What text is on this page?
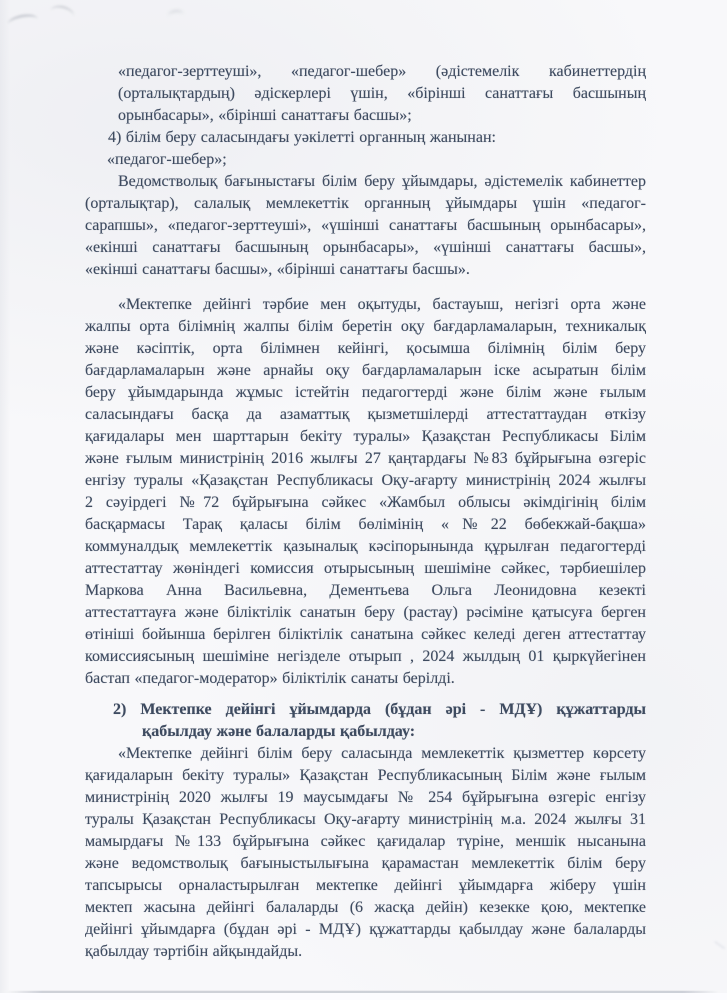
«педагог-зерттеуші», «педагог-шебер» (әдістемелік кабинеттердің
(орталықтардың) әдіскерлері үшін, «бірінші санаттағы басшының
орынбасары», «бірінші санаттағы басшы»;
4) білім беру саласындағы уәкілетті органның жанынан:
«педагог-шебер»;
Ведомстволық бағыныстағы білім беру ұйымдары, әдістемелік кабинеттер
(орталықтар), салалық мемлекеттік органның ұйымдары үшін «педагог-
сарапшы», «педагог-зерттеуші», «үшінші санаттағы басшының орынбасары»,
«екінші санаттағы басшының орынбасары», «үшінші санаттағы басшы»,
«екінші санаттағы басшы», «бірінші санаттағы басшы».
«Мектепке дейінгі тәрбие мен оқытуды, бастауыш, негізгі орта және
жалпы орта білімнің жалпы білім беретін оқу бағдарламаларын, техникалық
және кәсіптік, орта білімнен кейінгі, қосымша білімнің білім беру
бағдарламаларын және арнайы оқу бағдарламаларын іске асыратын білім
беру ұйымдарында жұмыс істейтін педагогтерді және білім және ғылым
саласындағы басқа да азаматтық қызметшілерді аттестаттаудан өткізу
қағидалары мен шарттарын бекіту туралы» Қазақстан Республикасы Білім
және ғылым министрінің 2016 жылғы 27 қаңтардағы №83 бұйрығына өзгеріс
енгізу туралы «Қазақстан Республикасы Оқу-ағарту министрінің 2024 жылғы
2 сәуірдегі №72 бұйрығына сәйкес «Жамбыл облысы әкімдігінің білім
басқармасы Тарақ қаласы білім бөлімінің «№22 бөбекжай-бақша»
коммуналдық мемлекеттік қазыналық кәсіпорынында құрылған педагогтерді
аттестаттау жөніндегі комиссия отырысының шешіміне сәйкес, тәрбиешілер
Маркова Анна Васильевна, Дементьева Ольга Леонидовна кезекті
аттестаттауға және біліктілік санатын беру (растау) рәсіміне қатысуға берген
өтініші бойынша берілген біліктілік санатына сәйкес келеді деген аттестаттау
комиссиясының шешіміне негізделе отырып , 2024 жылдың 01 қыркүйегінен
бастап «педагог-модератор» біліктілік санаты берілді.
2) Мектепке дейінгі ұйымдарда (бұдан әрі - МДҰ) құжаттарды
қабылдау және балаларды қабылдау:
«Мектепке дейінгі білім беру саласында мемлекеттік қызметтер көрсету
қағидаларын бекіту туралы» Қазақстан Республикасының Білім және ғылым
министрінің 2020 жылғы 19 маусымдағы № 254 бұйрығына өзгеріс енгізу
туралы Қазақстан Республикасы Оқу-ағарту министрінің м.а. 2024 жылғы 31
мамырдағы №133 бұйрығына сәйкес қағидалар түріне, меншік нысанына
және ведомстволық бағыныстылығына қарамастан мемлекеттік білім беру
тапсырысы орналастырылған мектепке дейінгі ұйымдарға жіберу үшін
мектеп жасына дейінгі балаларды (6 жасқа дейін) кезекке қою, мектепке
дейінгі ұйымдарға (бұдан әрі - МДҰ) құжаттарды қабылдау және балаларды
қабылдау тәртібін айқындайды.
